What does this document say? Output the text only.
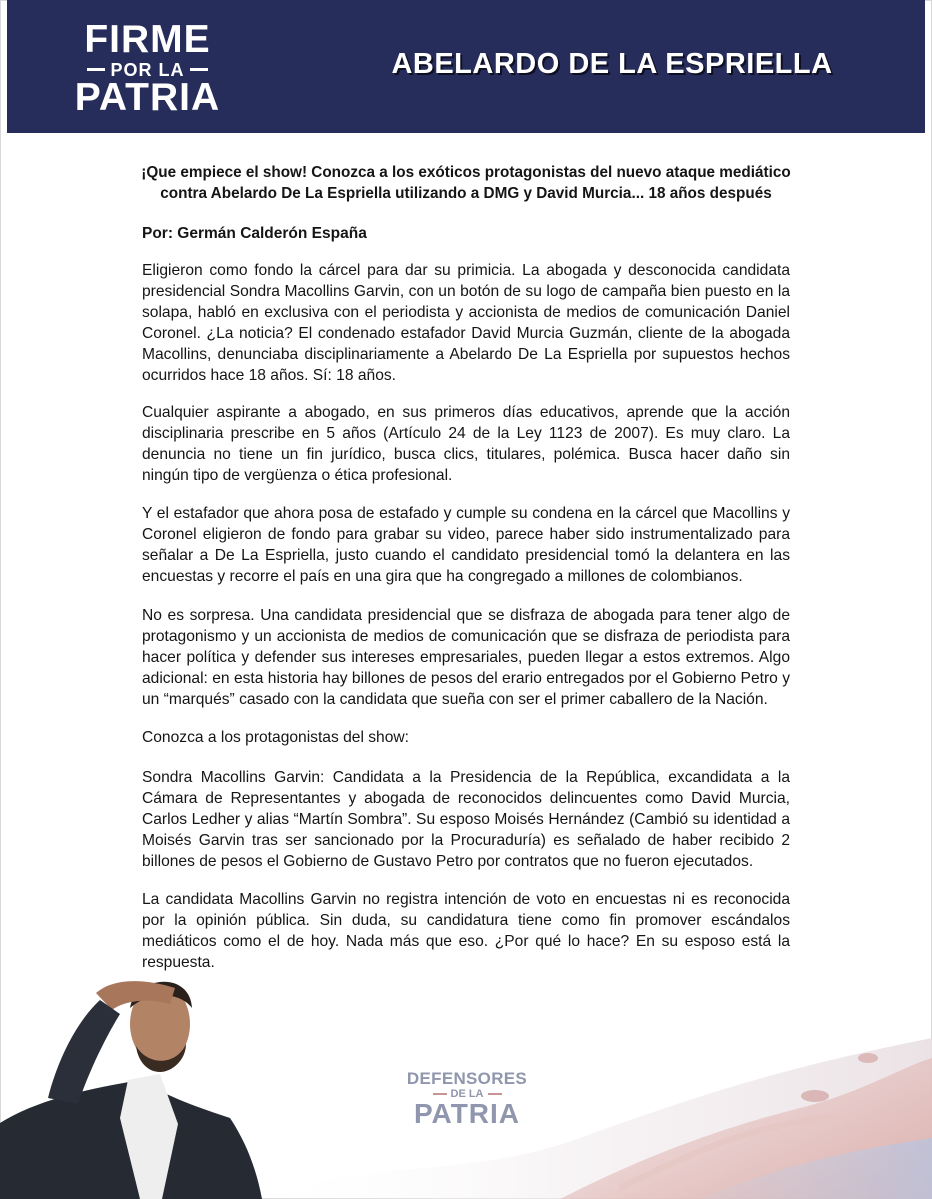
FIRME
POR LA
PATRIA
ABELARDO DE LA ESPRIELLA
¡Que empiece el show! Conozca a los exóticos protagonistas del nuevo ataque mediático
contra Abelardo De La Espriella utilizando a DMG y David Murcia... 18 años después
Por: Germán Calderón España
Eligieron como fondo la cárcel para dar su primicia. La abogada y desconocida candidata presidencial Sondra Macollins Garvin, con un botón de su logo de campaña bien puesto en la solapa, habló en exclusiva con el periodista y accionista de medios de comunicación Daniel Coronel. ¿La noticia? El condenado estafador David Murcia Guzmán, cliente de la abogada Macollins, denunciaba disciplinariamente a Abelardo De La Espriella por supuestos hechos ocurridos hace 18 años. Sí: 18 años.
Cualquier aspirante a abogado, en sus primeros días educativos, aprende que la acción disciplinaria prescribe en 5 años (Artículo 24 de la Ley 1123 de 2007). Es muy claro. La denuncia no tiene un fin jurídico, busca clics, titulares, polémica. Busca hacer daño sin ningún tipo de vergüenza o ética profesional.
Y el estafador que ahora posa de estafado y cumple su condena en la cárcel que Macollins y Coronel eligieron de fondo para grabar su video, parece haber sido instrumentalizado para señalar a De La Espriella, justo cuando el candidato presidencial tomó la delantera en las encuestas y recorre el país en una gira que ha congregado a millones de colombianos.
No es sorpresa. Una candidata presidencial que se disfraza de abogada para tener algo de protagonismo y un accionista de medios de comunicación que se disfraza de periodista para hacer política y defender sus intereses empresariales, pueden llegar a estos extremos. Algo adicional: en esta historia hay billones de pesos del erario entregados por el Gobierno Petro y un “marqués” casado con la candidata que sueña con ser el primer caballero de la Nación.
Conozca a los protagonistas del show:
Sondra Macollins Garvin: Candidata a la Presidencia de la República, excandidata a la Cámara de Representantes y abogada de reconocidos delincuentes como David Murcia, Carlos Ledher y alias “Martín Sombra”. Su esposo Moisés Hernández (Cambió su identidad a Moisés Garvin tras ser sancionado por la Procuraduría) es señalado de haber recibido 2 billones de pesos el Gobierno de Gustavo Petro por contratos que no fueron ejecutados.
La candidata Macollins Garvin no registra intención de voto en encuestas ni es reconocida por la opinión pública. Sin duda, su candidatura tiene como fin promover escándalos mediáticos como el de hoy. Nada más que eso. ¿Por qué lo hace? En su esposo está la respuesta.
DEFENSORES
DE LA
PATRIA
